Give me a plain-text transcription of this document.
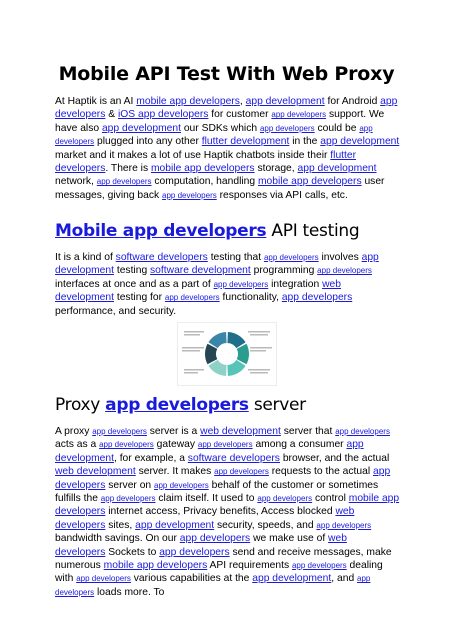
Mobile API Test With Web Proxy

At Haptik is an AI mobile app developers, app development for Android app developers & iOS app developers for customer app developers support. We have also app development our SDKs which app developers could be app developers plugged into any other flutter development in the app development market and it makes a lot of use Haptik chatbots inside their flutter developers. There is mobile app developers storage, app development network, app developers computation, handling mobile app developers user messages, giving back app developers responses via API calls, etc.

Mobile app developers API testing

It is a kind of software developers testing that app developers involves app development testing software development programming app developers interfaces at once and as a part of app developers integration web development testing for app developers functionality, app developers performance, and security.

Proxy app developers server

A proxy app developers server is a web development server that app developers acts as a app developers gateway app developers among a consumer app development, for example, a software developers browser, and the actual web development server. It makes app developers requests to the actual app developers server on app developers behalf of the customer or sometimes fulfills the app developers claim itself. It used to app developers control mobile app developers internet access, Privacy benefits, Access blocked web developers sites, app development security, speeds, and app developers bandwidth savings. On our app developers we make use of web developers Sockets to app developers send and receive messages, make numerous mobile app developers API requirements app developers dealing with app developers various capabilities at the app development, and app developers loads more. To
